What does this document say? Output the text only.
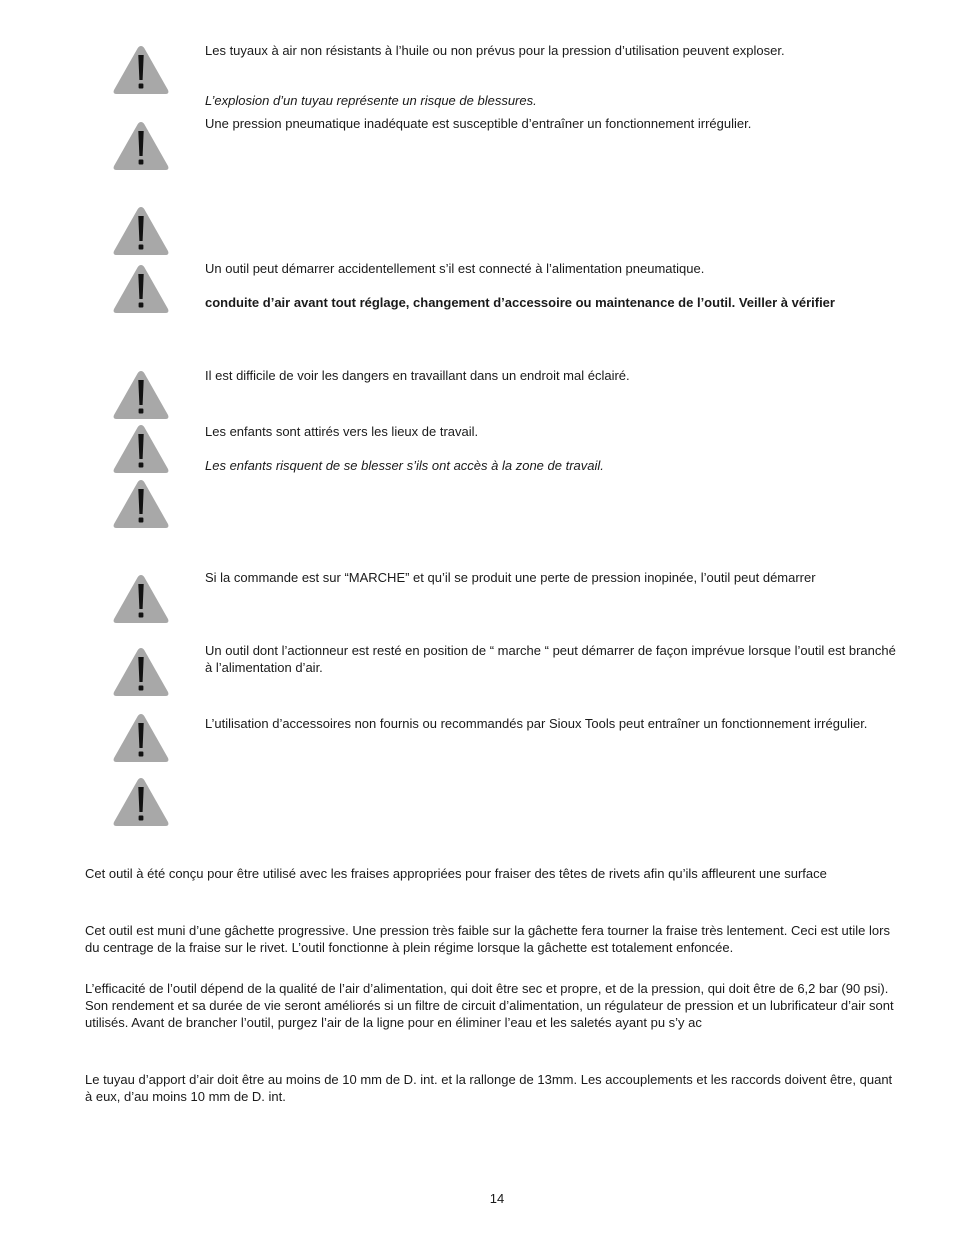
Les tuyaux à air non résistants à l’huile ou non prévus pour la pression d’utilisation peuvent exploser.
L’explosion d’un tuyau représente un risque de blessures.
Une pression pneumatique inadéquate est susceptible d’entraîner un fonctionnement irrégulier.
Un outil peut démarrer accidentellement s’il est connecté à l’alimentation pneumatique.
conduite d’air avant tout réglage, changement d’accessoire ou maintenance de l’outil. Veiller à vérifier
Il est difficile de voir les dangers en travaillant dans un endroit mal éclairé.
Les enfants sont attirés vers les lieux de travail.
Les enfants risquent de se blesser s’ils ont accès à la zone de travail.
Si la commande est sur “MARCHE” et qu’il se produit une perte de pression inopinée, l’outil peut démarrer
Un outil dont l’actionneur est resté en position de “ marche “ peut démarrer de façon imprévue lorsque l’outil est branché à l’alimentation d’air.
L’utilisation d’accessoires non fournis ou recommandés par Sioux Tools peut entraîner un fonctionnement irrégulier.
Cet outil à été conçu pour être utilisé avec les fraises appropriées pour fraiser des têtes de rivets afin qu’ils affleurent une surface
Cet outil est muni d’une gâchette progressive. Une pression très faible sur la gâchette fera tourner la fraise très lentement. Ceci est utile lors du centrage de la fraise sur le rivet. L’outil fonctionne à plein régime lorsque la gâchette est totalement enfoncée.
L’efficacité de l’outil dépend de la qualité de l’air d’alimentation, qui doit être sec et propre, et de la pression, qui doit être de 6,2 bar (90 psi). Son rendement et sa durée de vie seront améliorés si un filtre de circuit d’alimentation, un régulateur de pression et un lubrificateur d’air sont utilisés. Avant de brancher l’outil, purgez l’air de la ligne pour en éliminer l’eau et les saletés ayant pu s’y ac
Le tuyau d’apport d’air doit être au moins de 10 mm de D. int. et la rallonge de 13mm. Les accouplements et les raccords doivent être, quant à eux, d’au moins 10 mm de D. int.
14
